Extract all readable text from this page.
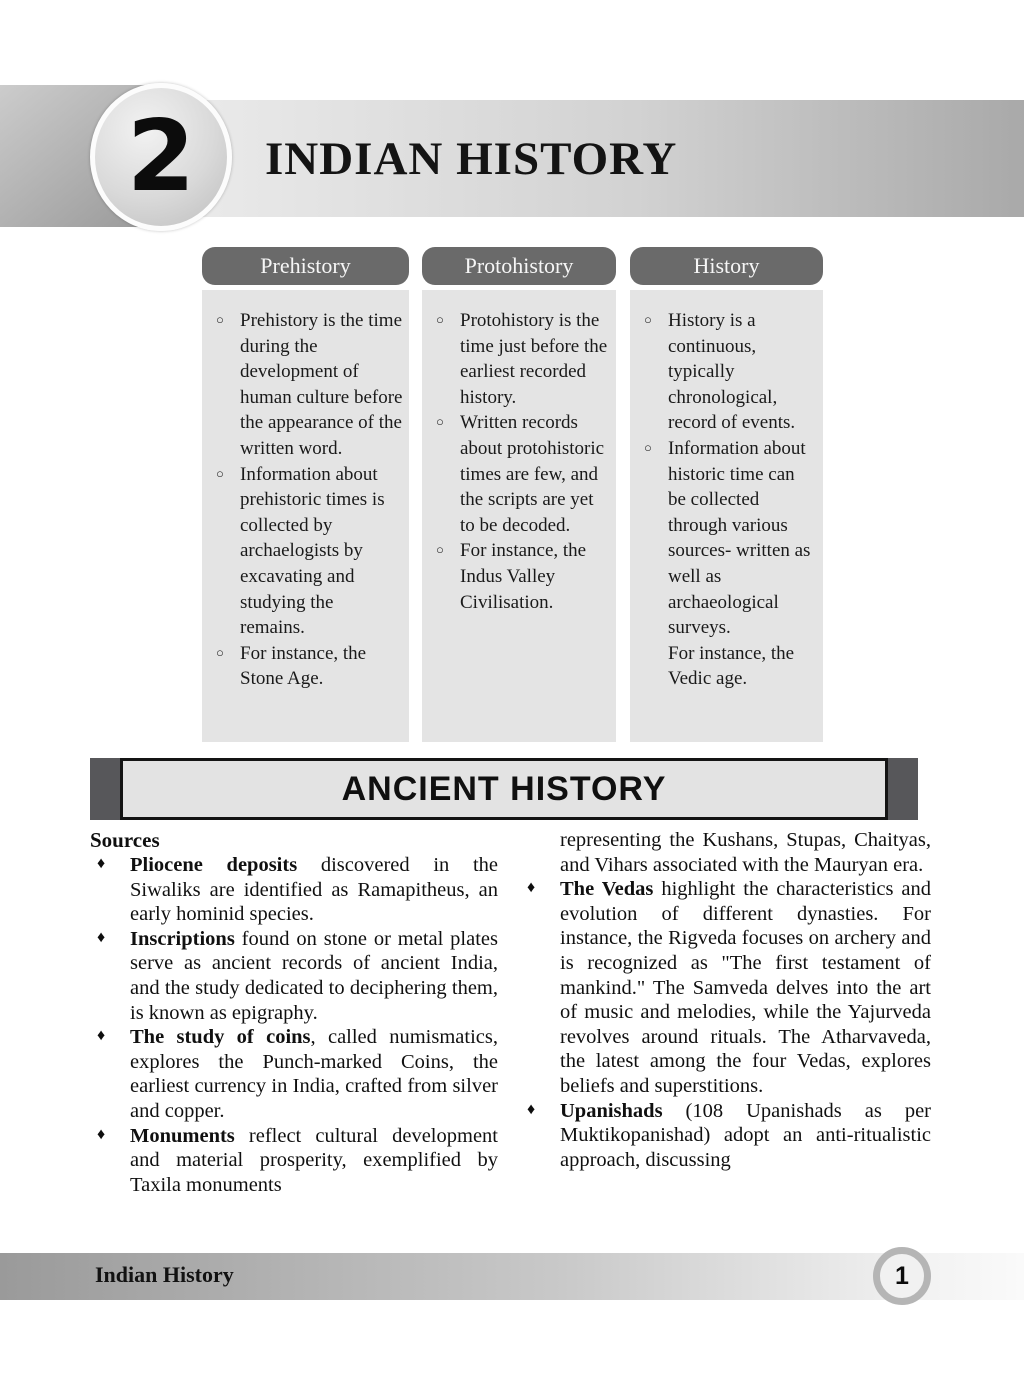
INDIAN HISTORY
2
Prehistory
○ Prehistory is the time during the development of human culture before the appearance of the written word.
○ Information about prehistoric times is collected by archaelogists by excavating and studying the remains.
○ For instance, the Stone Age.
Protohistory
○ Protohistory is the time just before the earliest recorded history.
○ Written records about protohistoric times are few, and the scripts are yet to be decoded.
○ For instance, the Indus Valley Civilisation.
History
○ History is a continuous, typically chronological, record of events.
○ Information about historic time can be collected through various sources- written as well as archaeological surveys.
For instance, the Vedic age.
ANCIENT HISTORY
Sources
♦	Pliocene deposits discovered in the Siwaliks are identified as Ramapitheus, an early hominid species.
♦	Inscriptions found on stone or metal plates serve as ancient records of ancient India, and the study dedicated to deciphering them, is known as epigraphy.
♦	The study of coins, called numismatics, explores the Punch-marked Coins, the earliest currency in India, crafted from silver and copper.
♦	Monuments reflect cultural development and material prosperity, exemplified by Taxila monuments
representing the Kushans, Stupas, Chaityas, and Vihars associated with the Mauryan era.
♦	The Vedas highlight the characteristics and evolution of different dynasties. For instance, the Rigveda focuses on archery and is recognized as "The first testament of mankind." The Samveda delves into the art of music and melodies, while the Yajurveda revolves around rituals. The Atharvaveda, the latest among the four Vedas, explores beliefs and superstitions.
♦	Upanishads (108 Upanishads as per Muktikopanishad) adopt an anti-ritualistic approach, discussing
Indian History	1
